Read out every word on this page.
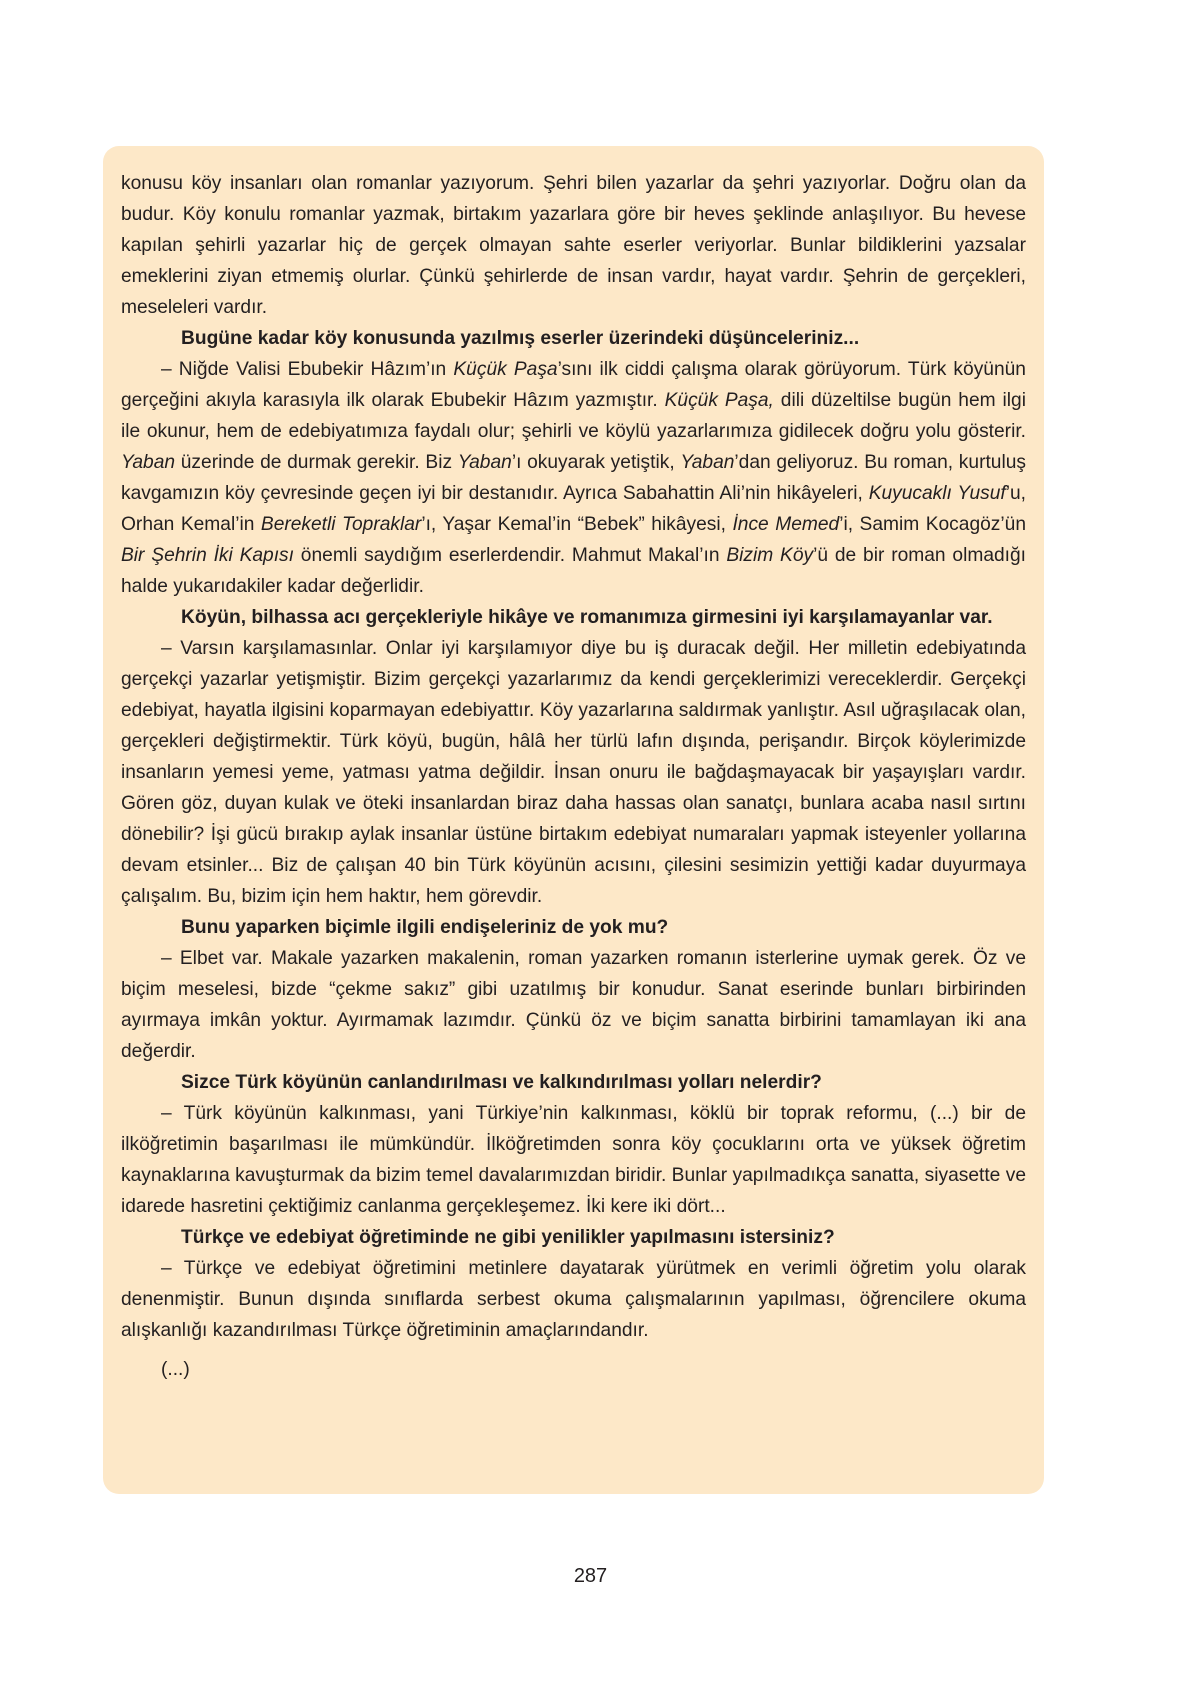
konusu köy insanları olan romanlar yazıyorum. Şehri bilen yazarlar da şehri yazıyorlar. Doğru olan da budur. Köy konulu romanlar yazmak, birtakım yazarlara göre bir heves şeklinde anlaşılıyor. Bu hevese kapılan şehirli yazarlar hiç de gerçek olmayan sahte eserler veriyorlar. Bunlar bildiklerini yazsalar emeklerini ziyan etmemiş olurlar. Çünkü şehirlerde de insan vardır, hayat vardır. Şehrin de gerçekleri, meseleleri vardır.

Bugüne kadar köy konusunda yazılmış eserler üzerindeki düşünceleriniz...

– Niğde Valisi Ebubekir Hâzım’ın Küçük Paşa’sını ilk ciddi çalışma olarak görüyorum. Türk köyünün gerçeğini akıyla karasıyla ilk olarak Ebubekir Hâzım yazmıştır. Küçük Paşa, dili düzeltilse bugün hem ilgi ile okunur, hem de edebiyatımıza faydalı olur; şehirli ve köylü yazarlarımıza gidilecek doğru yolu gösterir. Yaban üzerinde de durmak gerekir. Biz Yaban’ı okuyarak yetiştik, Yaban’dan geliyoruz. Bu roman, kurtuluş kavgamızın köy çevresinde geçen iyi bir destanıdır. Ayrıca Sabahattin Ali’nin hikâyeleri, Kuyucaklı Yusuf’u, Orhan Kemal’in Bereketli Topraklar’ı, Yaşar Kemal’in “Bebek” hikâyesi, İnce Memed’i, Samim Kocagöz’ün Bir Şehrin İki Kapısı önemli saydığım eserlerdendir. Mahmut Makal’ın Bizim Köy’ü de bir roman olmadığı halde yukarıdakiler kadar değerlidir.

Köyün, bilhassa acı gerçekleriyle hikâye ve romanımıza girmesini iyi karşılamayanlar var.

– Varsın karşılamasınlar. Onlar iyi karşılamıyor diye bu iş duracak değil. Her milletin edebiyatında gerçekçi yazarlar yetişmiştir. Bizim gerçekçi yazarlarımız da kendi gerçeklerimizi vereceklerdir. Gerçekçi edebiyat, hayatla ilgisini koparmayan edebiyattır. Köy yazarlarına saldırmak yanlıştır. Asıl uğraşılacak olan, gerçekleri değiştirmektir. Türk köyü, bugün, hâlâ her türlü lafın dışında, perişandır. Birçok köylerimizde insanların yemesi yeme, yatması yatma değildir. İnsan onuru ile bağdaşmayacak bir yaşayışları vardır. Gören göz, duyan kulak ve öteki insanlardan biraz daha hassas olan sanatçı, bunlara acaba nasıl sırtını dönebilir? İşi gücü bırakıp aylak insanlar üstüne birtakım edebiyat numaraları yapmak isteyenler yollarına devam etsinler... Biz de çalışan 40 bin Türk köyünün acısını, çilesini sesimizin yettiği kadar duyurmaya çalışalım. Bu, bizim için hem haktır, hem görevdir.

Bunu yaparken biçimle ilgili endişeleriniz de yok mu?

– Elbet var. Makale yazarken makalenin, roman yazarken romanın isterlerine uymak gerek. Öz ve biçim meselesi, bizde “çekme sakız” gibi uzatılmış bir konudur. Sanat eserinde bunları birbirinden ayırmaya imkân yoktur. Ayırmamak lazımdır. Çünkü öz ve biçim sanatta birbirini tamamlayan iki ana değerdir.

Sizce Türk köyünün canlandırılması ve kalkındırılması yolları nelerdir?

– Türk köyünün kalkınması, yani Türkiye’nin kalkınması, köklü bir toprak reformu, (...) bir de ilköğretimin başarılması ile mümkündür. İlköğretimden sonra köy çocuklarını orta ve yüksek öğretim kaynaklarına kavuşturmak da bizim temel davalarımızdan biridir. Bunlar yapılmadıkça sanatta, siyasette ve idarede hasretini çektiğimiz canlanma gerçekleşemez. İki kere iki dört...

Türkçe ve edebiyat öğretiminde ne gibi yenilikler yapılmasını istersiniz?

– Türkçe ve edebiyat öğretimini metinlere dayatarak yürütmek en verimli öğretim yolu olarak denenmiştir. Bunun dışında sınıflarda serbest okuma çalışmalarının yapılması, öğrencilere okuma alışkanlığı kazandırılması Türkçe öğretiminin amaçlarındandır.

(...)

287
